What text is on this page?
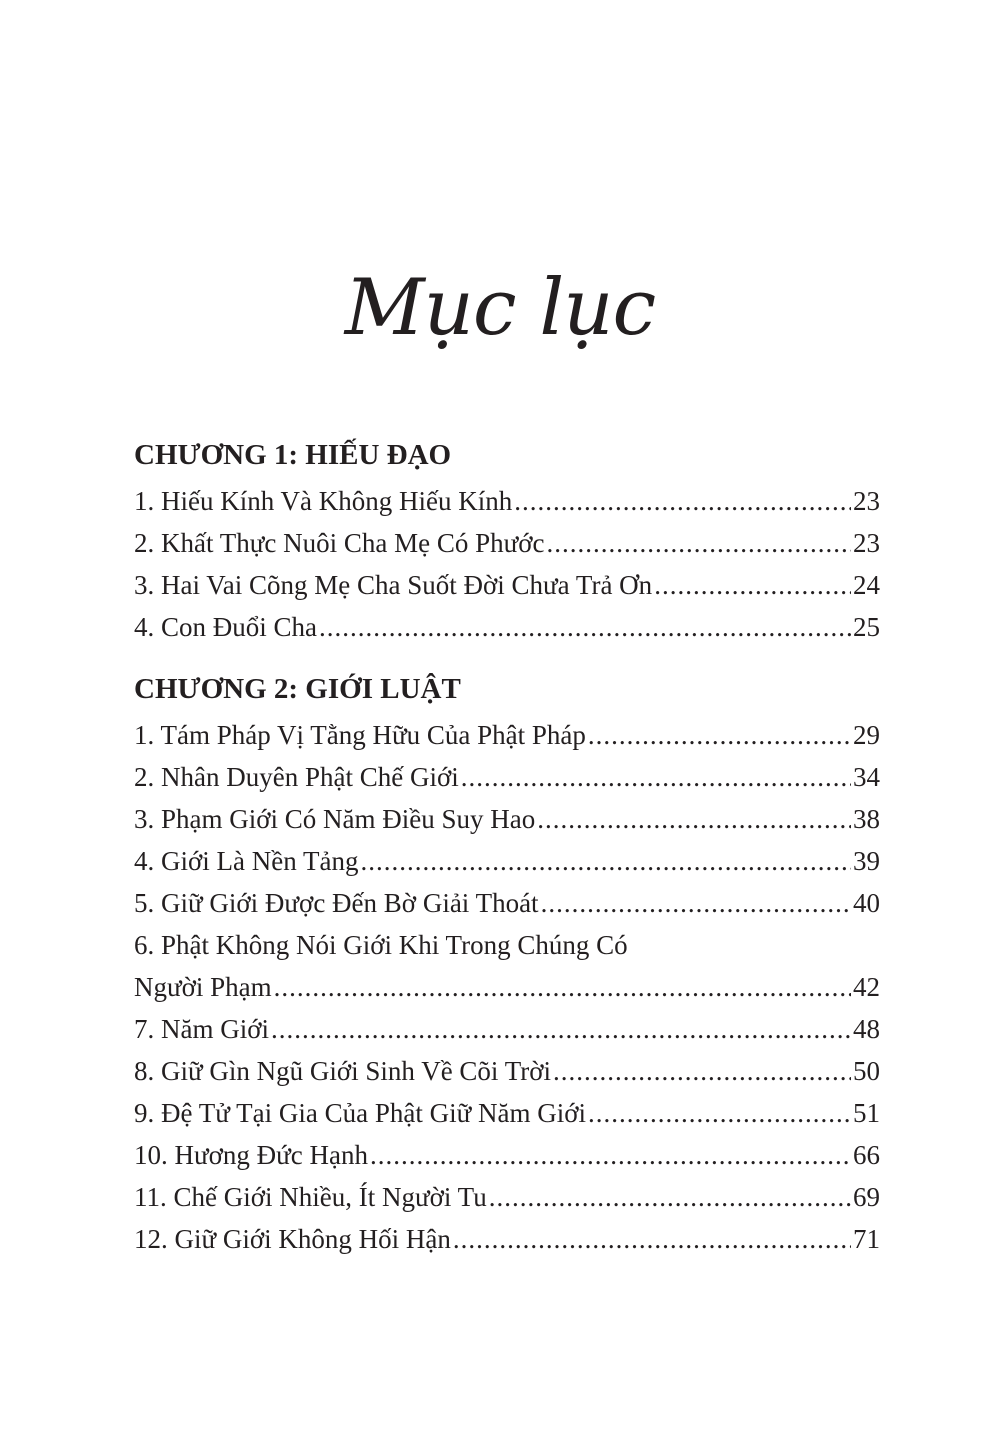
Mục lục
CHƯƠNG 1: HIẾU ĐẠO
1. Hiếu Kính Và Không Hiếu Kính .....	23
2. Khất Thực Nuôi Cha Mẹ Có Phước .....	23
3. Hai Vai Cõng Mẹ Cha Suốt Đời Chưa Trả Ơn .....	24
4. Con Đuổi Cha .....	25
CHƯƠNG 2: GIỚI LUẬT
1. Tám Pháp Vị Tằng Hữu Của Phật Pháp .....	29
2. Nhân Duyên Phật Chế Giới .....	34
3. Phạm Giới Có Năm Điều Suy Hao .....	38
4. Giới Là Nền Tảng .....	39
5. Giữ Giới Được Đến Bờ Giải Thoát .....	40
6. Phật Không Nói Giới Khi Trong Chúng Có
Người Phạm .....	42
7. Năm Giới .....	48
8. Giữ Gìn Ngũ Giới Sinh Về Cõi Trời .....	50
9. Đệ Tử Tại Gia Của Phật Giữ Năm Giới .....	51
10. Hương Đức Hạnh .....	66
11. Chế Giới Nhiều, Ít Người Tu .....	69
12. Giữ Giới Không Hối Hận .....	71
